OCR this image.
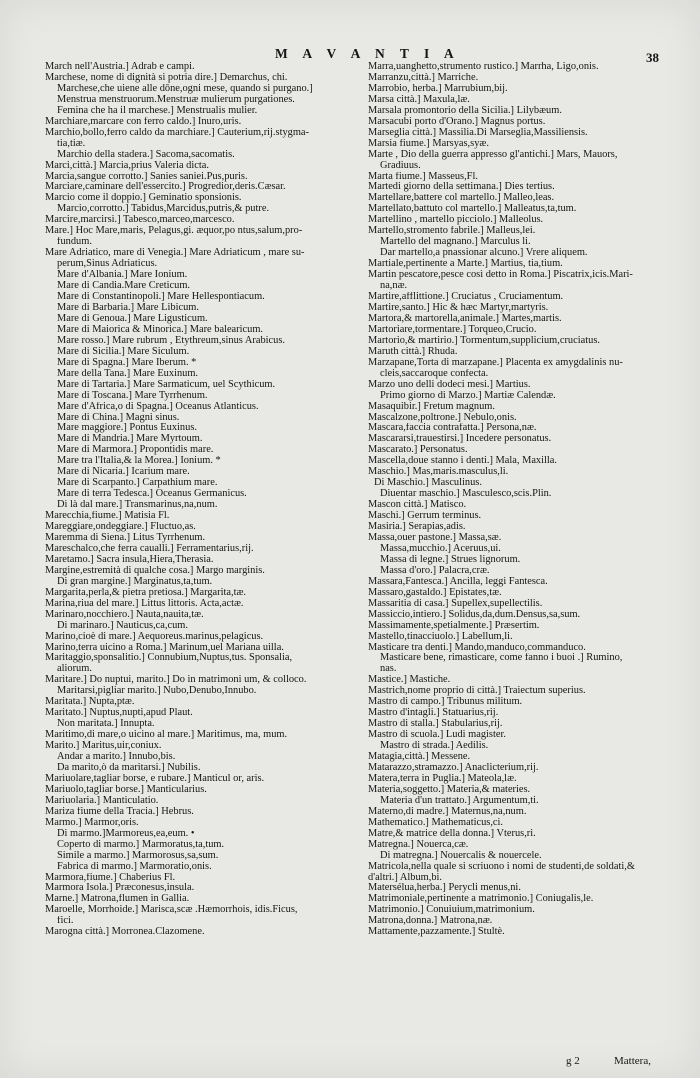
M A V A N T I A	38
March nell'Austria.] Adrab e campi.
Marchese, nome di dignità si potria dire.] Demarchus, chi.
Marchese,che uiene alle dōne,ogni mese, quando si purgano.]
Menstrua menstruorum.Menstruæ mulierum purgationes.
Femina che ha il marchese.] Menstrualis mulier.
Marchiare,marcare con ferro caldo.] Inuro,uris.
Marchio,bollo,ferro caldo da marchiare.] Cauterium,rij.stygma-
tia,tiæ.
Marchio della stadera.] Sacoma,sacomatis.
Marci,città.] Marcia,prius Valeria dicta.
Marcia,sangue corrotto.] Sanies saniei.Pus,puris.
Marciare,caminare dell'essercito.] Progredior,deris.Cæsar.
Marcio come il doppio.] Geminatio sponsionis.
Marcio,corrotto.] Tabidus,Marcidus,putris,& putre.
Marcire,marcirsi.] Tabesco,marceo,marcesco.
Mare.] Hoc Mare,maris, Pelagus,gi. æquor,po ntus,salum,pro-
fundum.
Mare Adriatico, mare di Venegia.] Mare Adriaticum , mare su-
perum,Sinus Adriaticus.
Mare d'Albania.] Mare Ionium.
Mare di Candia.Mare Creticum.
Mare di Constantinopoli.] Mare Hellespontiacum.
Mare di Barbaria.] Mare Libicum.
Mare di Genoua.] Mare Ligusticum.
Mare di Maiorica & Minorica.] Mare balearicum.
Mare rosso.] Mare rubrum , Etythreum,sinus Arabicus.
Mare di Sicilia.] Mare Siculum.
Mare di Spagna.] Mare Iberum. *
Mare della Tana.] Mare Euxinum.
Mare di Tartaria.] Mare Sarmaticum, uel Scythicum.
Mare di Toscana.] Mare Tyrrhenum.
Mare d'Africa,o di Spagna.] Oceanus Atlanticus.
Mare di China.] Magni sinus.
Mare maggiore.] Pontus Euxinus.
Mare di Mandria.] Mare Myrtoum.
Mare di Marmora.] Propontidis mare.
Mare tra l'Italia,& la Morea.] Ionium. *
Mare di Nicaria.] Icarium mare.
Mare di Scarpanto.] Carpathium mare.
Mare di terra Tedesca.] Oceanus Germanicus.
Di là dal mare.] Transmarinus,na,num.
Marecchia,fiume.] Matisia Fl.
Mareggiare,ondeggiare.] Fluctuo,as.
Maremma di Siena.] Litus Tyrrhenum.
Mareschalco,che ferra caualli.] Ferramentarius,rij.
Maretamo.] Sacra insula,Hiera,Therasia.
Margine,estremità di qualche cosa.] Margo marginis.
Di gran margine.] Marginatus,ta,tum.
Margarita,perla,& pietra pretiosa.] Margarita,tæ.
Marina,riua del mare.] Littus littoris. Acta,actæ.
Marinaro,nocchiero.] Nauta,nauita,tæ.
Di marinaro.] Nauticus,ca,cum.
Marino,cioè di mare.] Aequoreus.marinus,pelagicus.
Marino,terra uicino a Roma.] Marinum,uel Mariana uilla.
Maritaggio,sponsalitio.] Connubium,Nuptus,tus. Sponsalia,
aliorum.
Maritare.] Do nuptui, marito.] Do in matrimoni um, & colloco.
Maritarsi,pigliar marito.] Nubo,Denubo,Innubo.
Maritata.] Nupta,ptæ.
Maritato.] Nuptus,nupti,apud Plaut.
Non maritata.] Innupta.
Maritimo,di mare,o uicino al mare.] Maritimus, ma, mum.
Marito.] Maritus,uir,coniux.
Andar a marito.] Innubo,bis.
Da marito,ò da maritarsi.] Nubilis.
Mariuolare,tagliar borse, e rubare.] Manticul or, aris.
Mariuolo,tagliar borse.] Manticularius.
Mariuolaria.] Manticulatio.
Mariza fiume della Tracia.] Hebrus.
Marmo.] Marmor,oris.
Di marmo.]Marmoreus,ea,eum. •
Coperto di marmo.] Marmoratus,ta,tum.
Simile a marmo.] Marmorosus,sa,sum.
Fabrica di marmo.] Marmoratio,onis.
Marmora,fiume.] Chaberius Fl.
Marmora Isola.] Præconesus,insula.
Marne.] Matrona,flumen in Gallia.
Maroelle, Morrhoide.] Marisca,scæ .Hæmorrhois, idis.Ficus,
fici.
Marogna città.] Morronea.Clazomene.
Marra,uanghetto,strumento rustico.] Marrha, Ligo,onis.
Marranzu,città.] Marriche.
Marrobio, herba.] Marrubium,bij.
Marsa città.] Maxula,læ.
Marsala promontorio della Sicilia.] Lilybæum.
Marsacubi porto d'Orano.] Magnus portus.
Marseglia città.] Massilia.Di Marseglia,Massiliensis.
Marsia fiume.] Marsyas,syæ.
Marte , Dio della guerra appresso gl'antichi.] Mars, Mauors,
Gradiuus.
Marta fiume.] Masseus,Fl.
Martedi giorno della settimana.] Dies tertius.
Martellare,battere col martello.] Malleo,leas.
Martellato,battuto col martello.] Malleatus,ta,tum.
Martellino , martello picciolo.] Malleolus.
Martello,stromento fabrile.] Malleus,lei.
Martello del magnano.] Marculus li.
Dar martello,a pnassionar alcuno.] Vrere aliquem.
Martiale,pertinente a Marte.] Martius, tia,tium.
Martin pescatore,pesce così detto in Roma.] Piscatrix,icis.Mari-
na,næ.
Martire,afflittione.] Cruciatus , Cruciamentum.
Martire,santo.] Hic & hæc Martyr,martyris.
Martora,& martorella,animale.] Martes,martis.
Martoriare,tormentare.] Torqueo,Crucio.
Martorio,& martirio.] Tormentum,supplicium,cruciatus.
Maruth città.] Rhuda.
Marzapane,Torta di marzapane.] Placenta ex amygdalinis nu-
cleis,saccaroque confecta.
Marzo uno delli dodeci mesi.] Martius.
Primo giorno di Marzo.] Martiæ Calendæ.
Masaquibir.] Fretum magnum.
Mascalzone,poltrone.] Nebulo,onis.
Mascara,faccia contrafatta.] Persona,næ.
Mascararsi,trauestirsi.] Incedere personatus.
Mascarato.] Personatus.
Mascella,doue stanno i denti.] Mala, Maxilla.
Maschio.] Mas,maris.masculus,li.
Di Maschio.] Masculinus.
Diuentar maschio.] Masculesco,scis.Plin.
Mascon città.] Matisco.
Maschi.] Gerrum terminus.
Masiria.] Serapias,adis.
Massa,ouer pastone.] Massa,sæ.
Massa,mucchio.] Aceruus,ui.
Massa di legne.] Strues lignorum.
Massa d'oro.] Palacra,cræ.
Massara,Fantesca.] Ancilla, leggi Fantesca.
Massaro,gastaldo.] Epistates,tæ.
Massaritia di casa.] Supellex,supellectilis.
Massiccio,intiero.] Solidus,da,dum.Densus,sa,sum.
Massimamente,spetialmente.] Præsertim.
Mastello,tinacciuolo.] Labellum,li.
Masticare tra denti.] Mando,manduco,commanduco.
Masticare bene, rimasticare, come fanno i buoi .] Rumino,
nas.
Mastice.] Mastiche.
Mastrich,nome proprio di città.] Traiectum superius.
Mastro di campo.] Tribunus militum.
Mastro d'intagli.] Statuarius,rij.
Mastro di stalla.] Stabularius,rij.
Mastro di scuola.] Ludi magister.
Mastro di strada.] Aedilis.
Matagia,città.] Messene.
Matarazzo,stramazzo.] Anaclicterium,rij.
Matera,terra in Puglia.] Mateola,læ.
Materia,soggetto.] Materia,& materies.
Materia d'un trattato.] Argumentum,ti.
Materno,di madre.] Maternus,na,num.
Mathematico.] Mathematicus,ci.
Matre,& matrice della donna.] Vterus,ri.
Matregna.] Nouerca,cæ.
Di matregna.] Nouercalis & nouercele.
Matricola,nella quale si scriuono i nomi de studenti,de soldati,&
d'altri.] Album,bi.
Matersélua,herba.] Perycli menus,ni.
Matrimoniale,pertinente a matrimonio.] Coniugalis,le.
Matrimonio.] Conuiuium,matrimonium.
Matrona,donna.] Matrona,næ.
Mattamente,pazzamente.] Stultè.
g 2	Mattera,
